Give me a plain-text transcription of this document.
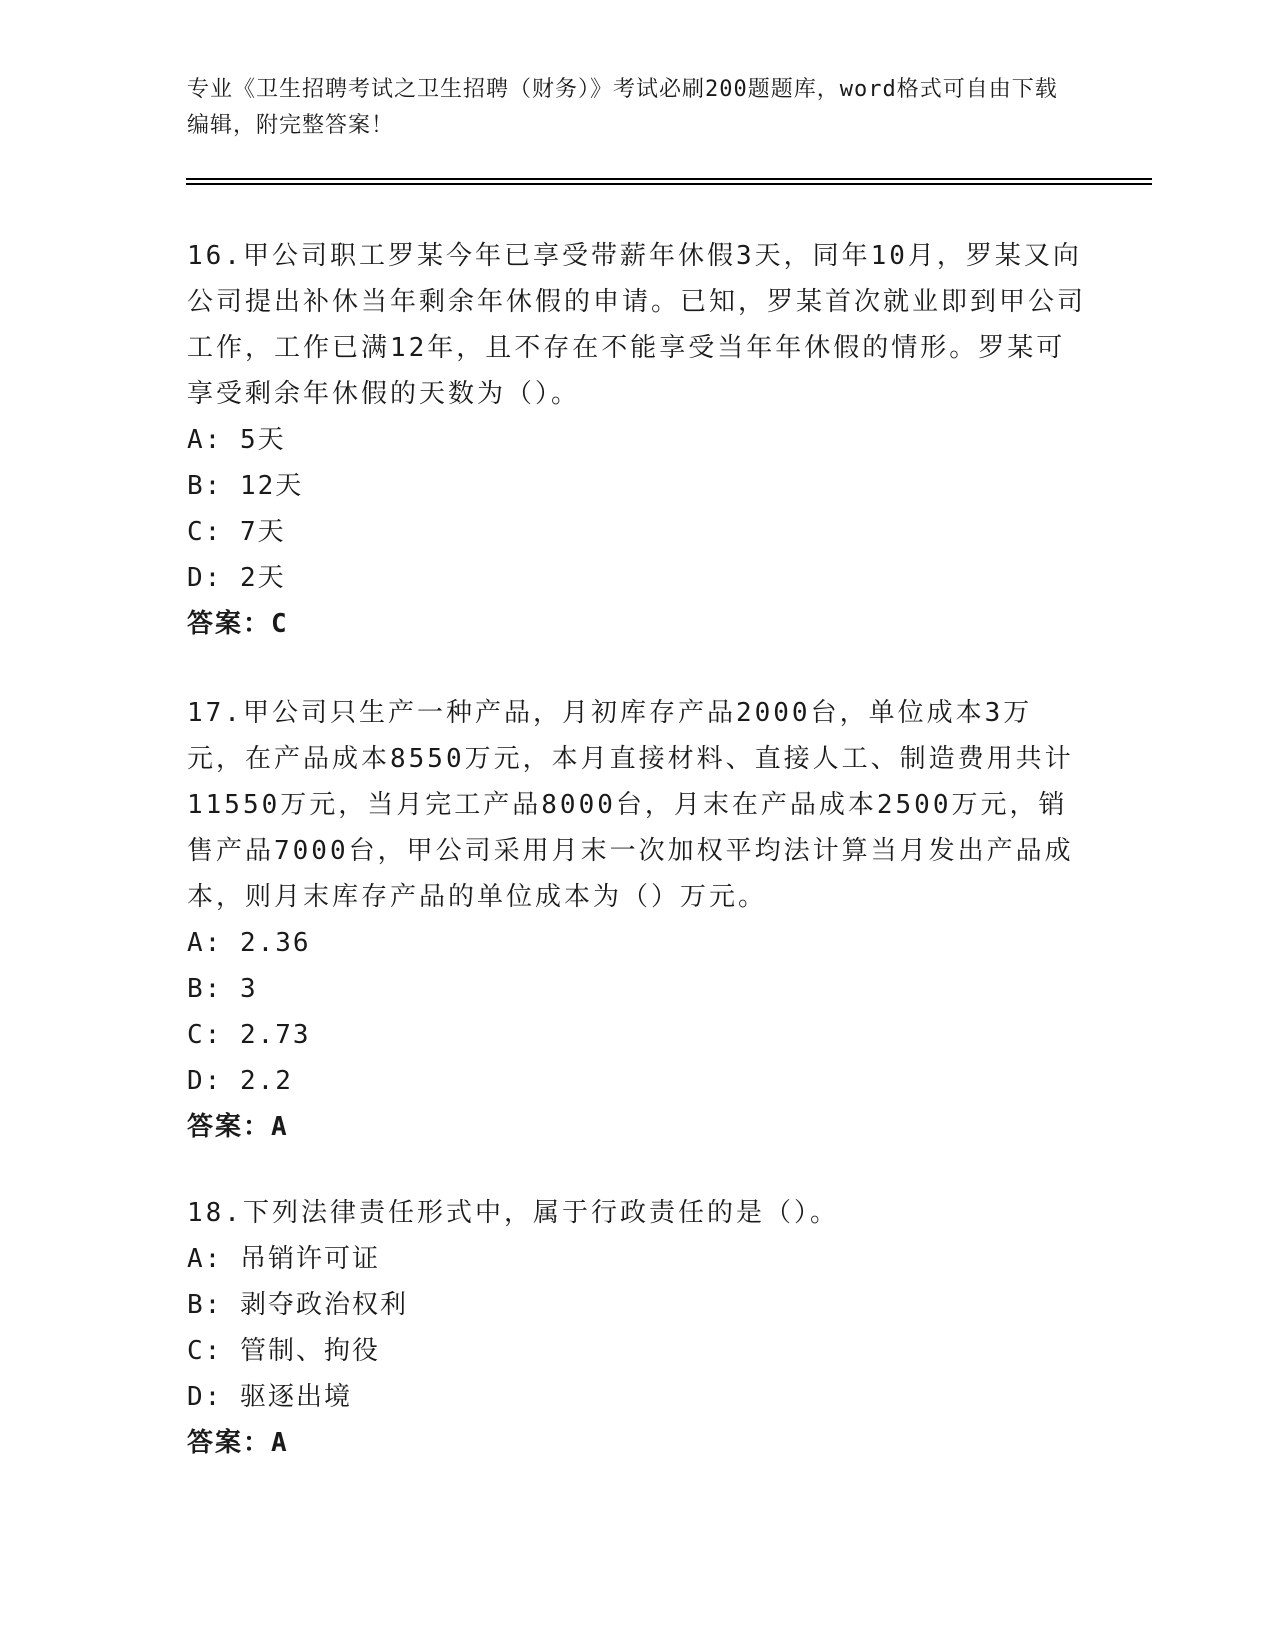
专业《卫生招聘考试之卫生招聘（财务）》考试必刷200题题库，word格式可自由下载编辑，附完整答案！

16.甲公司职工罗某今年已享受带薪年休假3天，同年10月，罗某又向公司提出补休当年剩余年休假的申请。已知，罗某首次就业即到甲公司工作，工作已满12年，且不存在不能享受当年年休假的情形。罗某可享受剩余年休假的天数为（）。

A: 5天

B: 12天

C: 7天

D: 2天

答案：C

17.甲公司只生产一种产品，月初库存产品2000台，单位成本3万元，在产品成本8550万元，本月直接材料、直接人工、制造费用共计11550万元，当月完工产品8000台，月末在产品成本2500万元，销售产品7000台，甲公司采用月末一次加权平均法计算当月发出产品成本，则月末库存产品的单位成本为（）万元。

A: 2.36

B: 3

C: 2.73

D: 2.2

答案：A

18.下列法律责任形式中，属于行政责任的是（）。

A: 吊销许可证

B: 剥夺政治权利

C: 管制、拘役

D: 驱逐出境

答案：A
